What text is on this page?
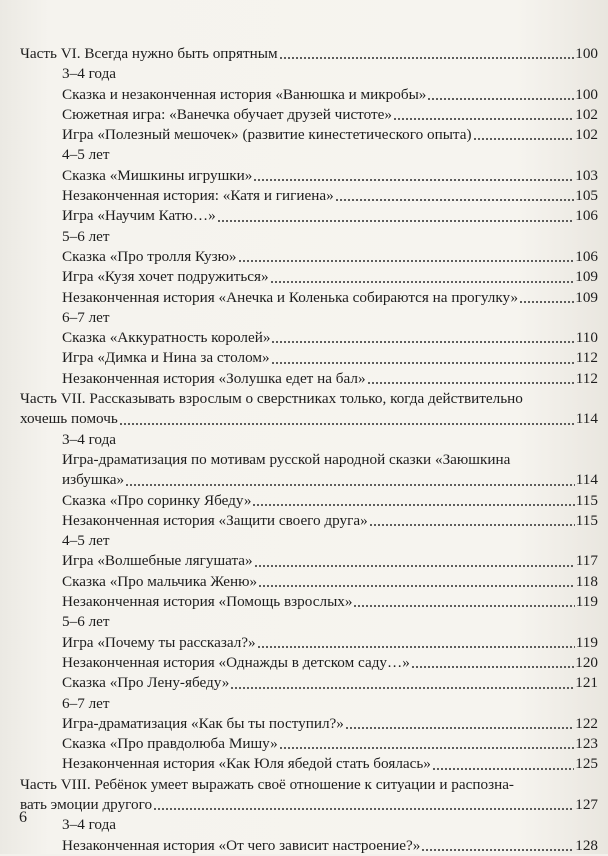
Часть VI. Всегда нужно быть опрятным	100
3–4 года
Сказка и незаконченная история «Ванюшка и микробы»	100
Сюжетная игра: «Ванечка обучает друзей чистоте»	102
Игра «Полезный мешочек» (развитие кинестетического опыта)	102
4–5 лет
Сказка «Мишкины игрушки»	103
Незаконченная история: «Катя и гигиена»	105
Игра «Научим Катю…»	106
5–6 лет
Сказка «Про тролля Кузю»	106
Игра «Кузя хочет подружиться»	109
Незаконченная история «Анечка и Коленька собираются на прогулку»	109
6–7 лет
Сказка «Аккуратность королей»	110
Игра «Димка и Нина за столом»	112
Незаконченная история «Золушка едет на бал»	112
Часть VII. Рассказывать взрослым о сверстниках только, когда действительно
хочешь помочь	114
3–4 года
Игра-драматизация по мотивам русской народной сказки «Заюшкина
избушка»	114
Сказка «Про соринку Ябеду»	115
Незаконченная история «Защити своего друга»	115
4–5 лет
Игра «Волшебные лягушата»	117
Сказка «Про мальчика Женю»	118
Незаконченная история «Помощь взрослых»	119
5–6 лет
Игра «Почему ты рассказал?»	119
Незаконченная история «Однажды в детском саду…»	120
Сказка «Про Лену-ябеду»	121
6–7 лет
Игра-драматизация «Как бы ты поступил?»	122
Сказка «Про правдолюба Мишу»	123
Незаконченная история «Как Юля ябедой стать боялась»	125
Часть VIII. Ребёнок умеет выражать своё отношение к ситуации и распозна-
вать эмоции другого	127
3–4 года
Незаконченная история «От чего зависит настроение?»	128
6
